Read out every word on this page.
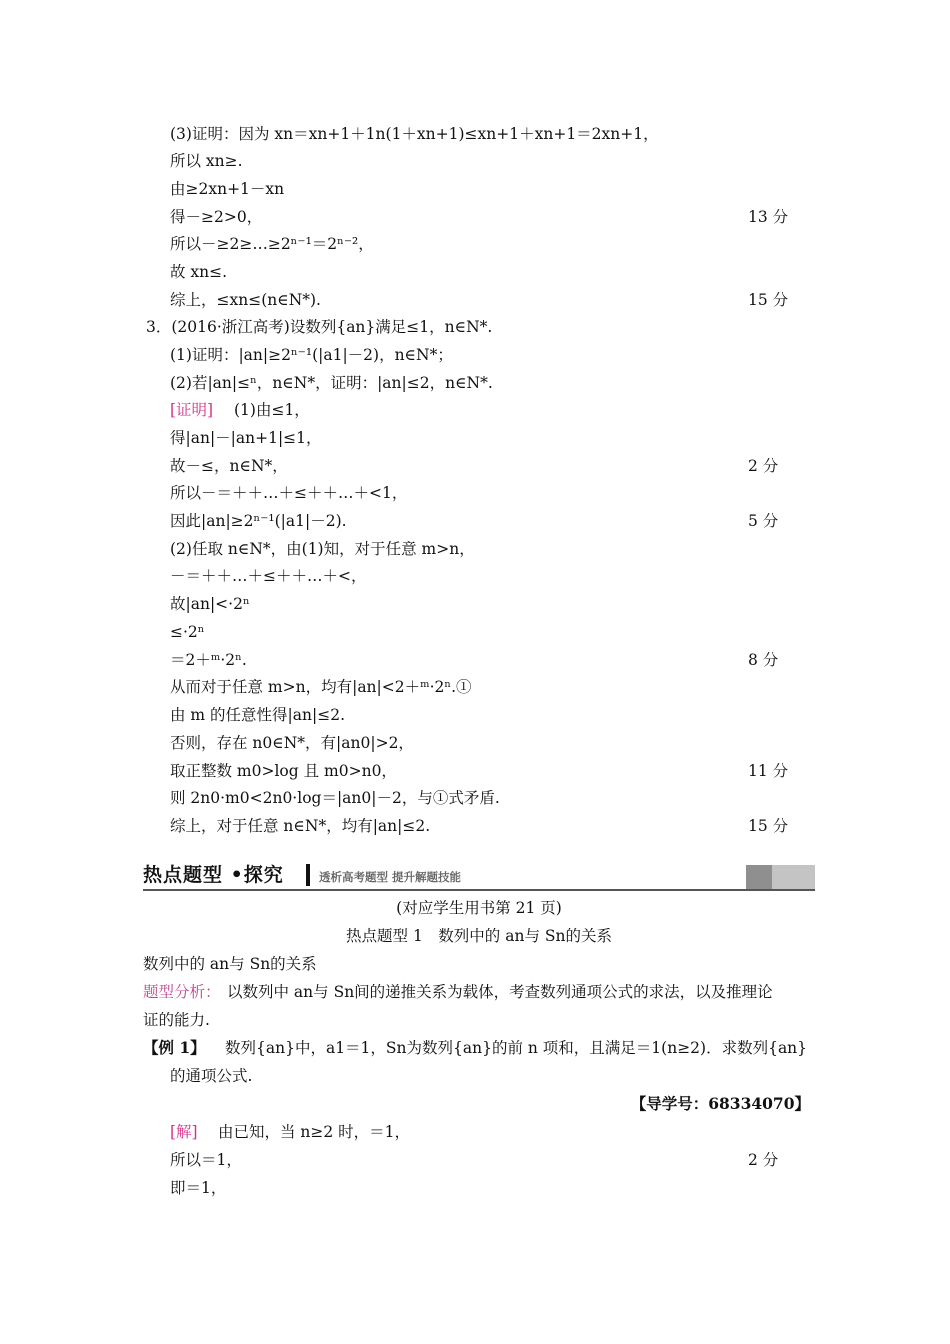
(3)证明：因为 xn＝xn+1＋1n(1＋xn+1)≤xn+1＋xn+1＝2xn+1，
所以 xn≥.
由≥2xn+1－xn
得－≥2>0，	13 分
所以－≥2≥…≥2ⁿ⁻¹＝2ⁿ⁻²，
故 xn≤.
综上，≤xn≤(n∈N*).	15 分
3．(2016·浙江高考)设数列{an}满足≤1，n∈N*.
(1)证明：|an|≥2ⁿ⁻¹(|a1|－2)，n∈N*；
(2)若|an|≤ⁿ，n∈N*，证明：|an|≤2，n∈N*.
[证明] (1)由≤1，
得|an|－|an+1|≤1，
故－≤，n∈N*，	2 分
所以－＝＋＋…＋≤＋＋…＋<1，
因此|an|≥2ⁿ⁻¹(|a1|－2).	5 分
(2)任取 n∈N*，由(1)知，对于任意 m>n，
－＝＋＋…＋≤＋＋…＋<，
故|an|<·2ⁿ
≤·2ⁿ
＝2＋ᵐ·2ⁿ.	8 分
从而对于任意 m>n，均有|an|<2＋ᵐ·2ⁿ.①
由 m 的任意性得|an|≤2.
否则，存在 n0∈N*，有|an0|>2，
取正整数 m0>log 且 m0>n0，	11 分
则 2n0·m0<2n0·log＝|an0|－2，与①式矛盾.
综上，对于任意 n∈N*，均有|an|≤2.	15 分
热点题型 •探究	透析高考题型 提升解题技能
(对应学生用书第 21 页)
热点题型 1　数列中的 an与 Sn的关系
数列中的 an与 Sn的关系
题型分析： 以数列中 an与 Sn间的递推关系为载体，考查数列通项公式的求法，以及推理论
证的能力.
【例 1】 数列{an}中，a1＝1，Sn为数列{an}的前 n 项和，且满足＝1(n≥2)．求数列{an}
的通项公式.
【导学号：68334070】
[解] 由已知，当 n≥2 时，＝1，
所以＝1，	2 分
即＝1，
